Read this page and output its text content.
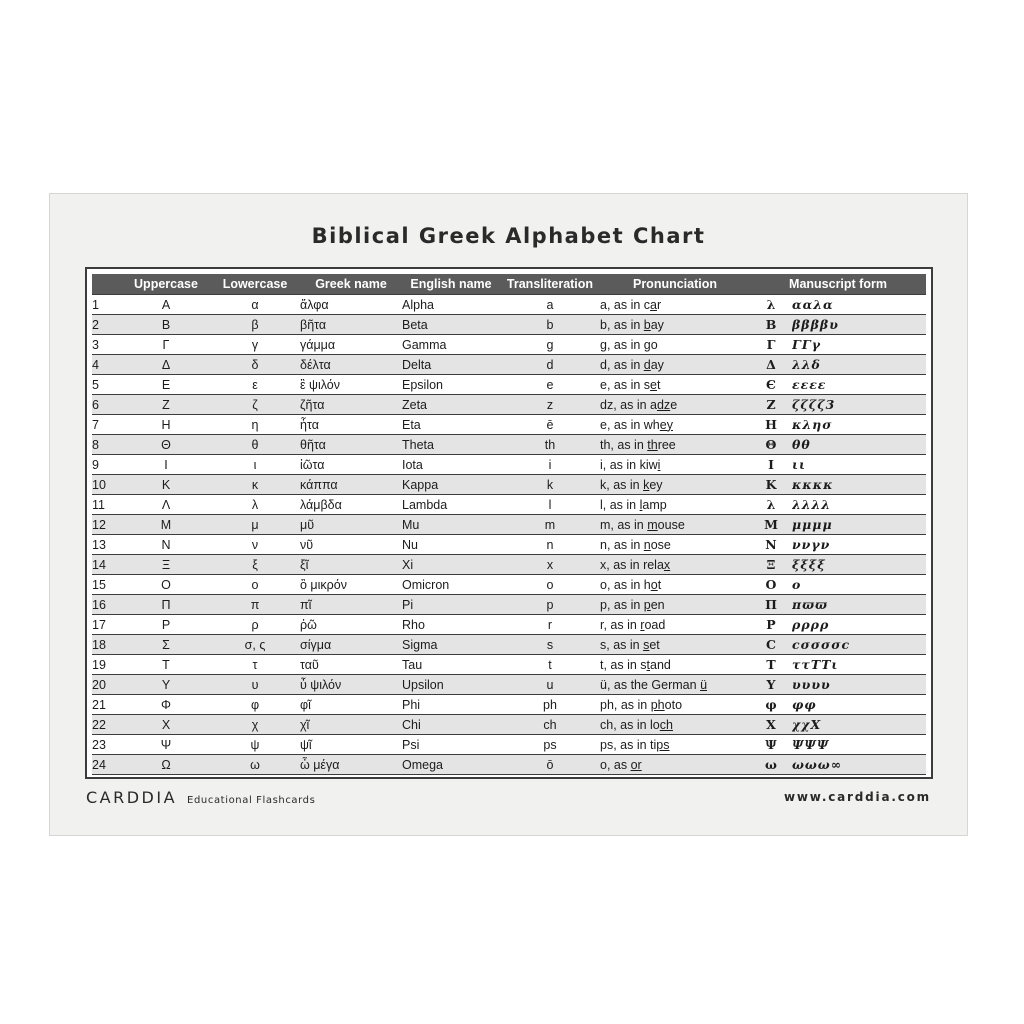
Biblical Greek Alphabet Chart
	Uppercase	Lowercase	Greek name	English name	Transliteration	Pronunciation	Manuscript form	
1	Α	α	ἄλφα	Alpha	a	a, as in car	λ	ααλα
2	Β	β	βῆτα	Beta	b	b, as in bay	Β	ββββυ
3	Γ	γ	γάμμα	Gamma	g	g, as in go	Γ	ΓΓγ
4	Δ	δ	δέλτα	Delta	d	d, as in day	Δ	λλδ
5	Ε	ε	ἒ ψιλόν	Epsilon	e	e, as in set	Є	εεεε
6	Ζ	ζ	ζῆτα	Zeta	z	dz, as in adze	Ζ	ζζζζ3
7	Η	η	ἦτα	Eta	ē	e, as in whey	Η	κλησ
8	Θ	θ	θῆτα	Theta	th	th, as in three	Θ	θθ
9	Ι	ι	ἰῶτα	Iota	i	i, as in kiwi	Ι	ιι
10	Κ	κ	κάππα	Kappa	k	k, as in key	Κ	κκκκ
11	Λ	λ	λάμβδα	Lambda	l	l, as in lamp	λ	λλλλ
12	Μ	μ	μῦ	Mu	m	m, as in mouse	Μ	μμμμ
13	Ν	ν	νῦ	Nu	n	n, as in nose	Ν	ννγν
14	Ξ	ξ	ξῖ	Xi	x	x, as in relax	Ξ	ξξξξ
15	Ο	ο	ὂ μικρόν	Omicron	o	o, as in hot	Ο	ο
16	Π	π	πῖ	Pi	p	p, as in pen	Π	πϖϖ
17	Ρ	ρ	ῥῶ	Rho	r	r, as in road	Ρ	ρρρρ
18	Σ	σ, ς	σίγμα	Sigma	s	s, as in set	С	cσσσσc
19	Τ	τ	ταῦ	Tau	t	t, as in stand	Τ	ττΤΤι
20	Υ	υ	ὖ ψιλόν	Upsilon	u	ü, as the German ü	Υ	υυυυ
21	Φ	φ	φῖ	Phi	ph	ph, as in photo	φ	φφ
22	Χ	χ	χῖ	Chi	ch	ch, as in loch	Χ	χχΧ
23	Ψ	ψ	ψῖ	Psi	ps	ps, as in tips	Ψ	ΨΨΨ
24	Ω	ω	ὦ μέγα	Omega	ō	o, as or	ω	ωωω∞
CARDDIA Educational Flashcards	www.carddia.com
